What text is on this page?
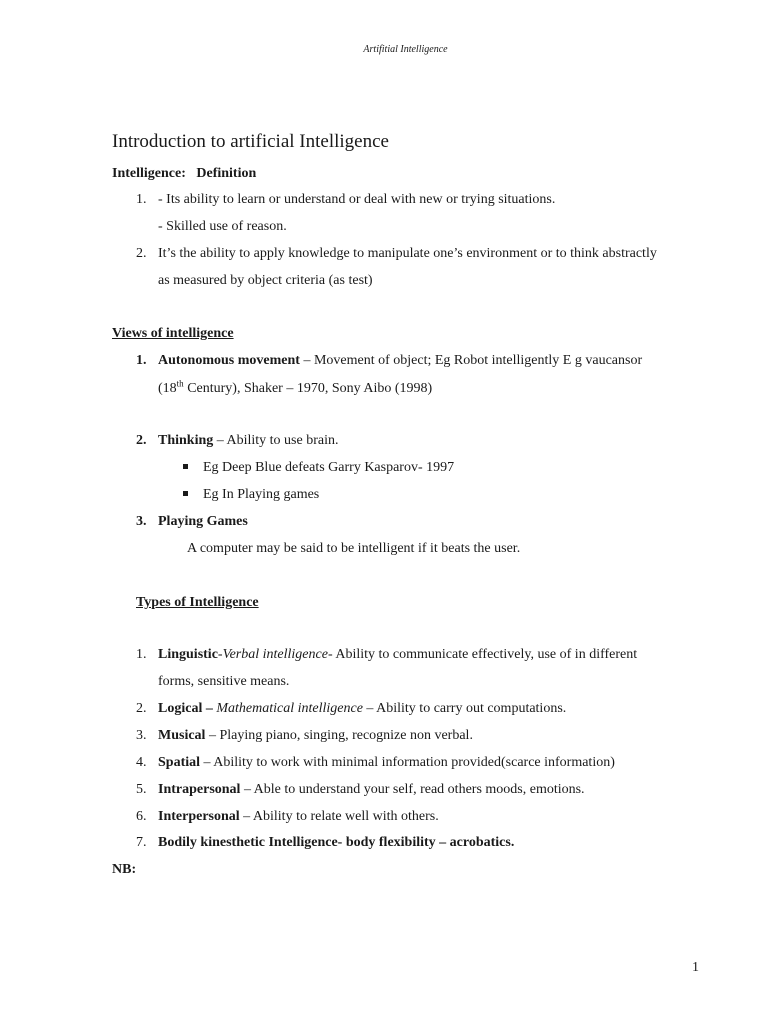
Artifitial Intelligence
Introduction to artificial Intelligence
Intelligence: Definition
1. - Its ability to learn or understand or deal with new or trying situations.
- Skilled use of reason.
2. It’s the ability to apply knowledge to manipulate one’s environment or to think abstractly
as measured by object criteria (as test)
Views of intelligence
1. Autonomous movement – Movement of object; Eg Robot intelligently E g vaucansor
(18th Century), Shaker – 1970, Sony Aibo (1998)
2. Thinking – Ability to use brain.
Eg Deep Blue defeats Garry Kasparov- 1997
Eg In Playing games
3. Playing Games
A computer may be said to be intelligent if it beats the user.
Types of Intelligence
1. Linguistic-Verbal intelligence- Ability to communicate effectively, use of in different
forms, sensitive means.
2. Logical – Mathematical intelligence – Ability to carry out computations.
3. Musical – Playing piano, singing, recognize non verbal.
4. Spatial – Ability to work with minimal information provided(scarce information)
5. Intrapersonal – Able to understand your self, read others moods, emotions.
6. Interpersonal – Ability to relate well with others.
7. Bodily kinesthetic Intelligence- body flexibility – acrobatics.
NB:
1
